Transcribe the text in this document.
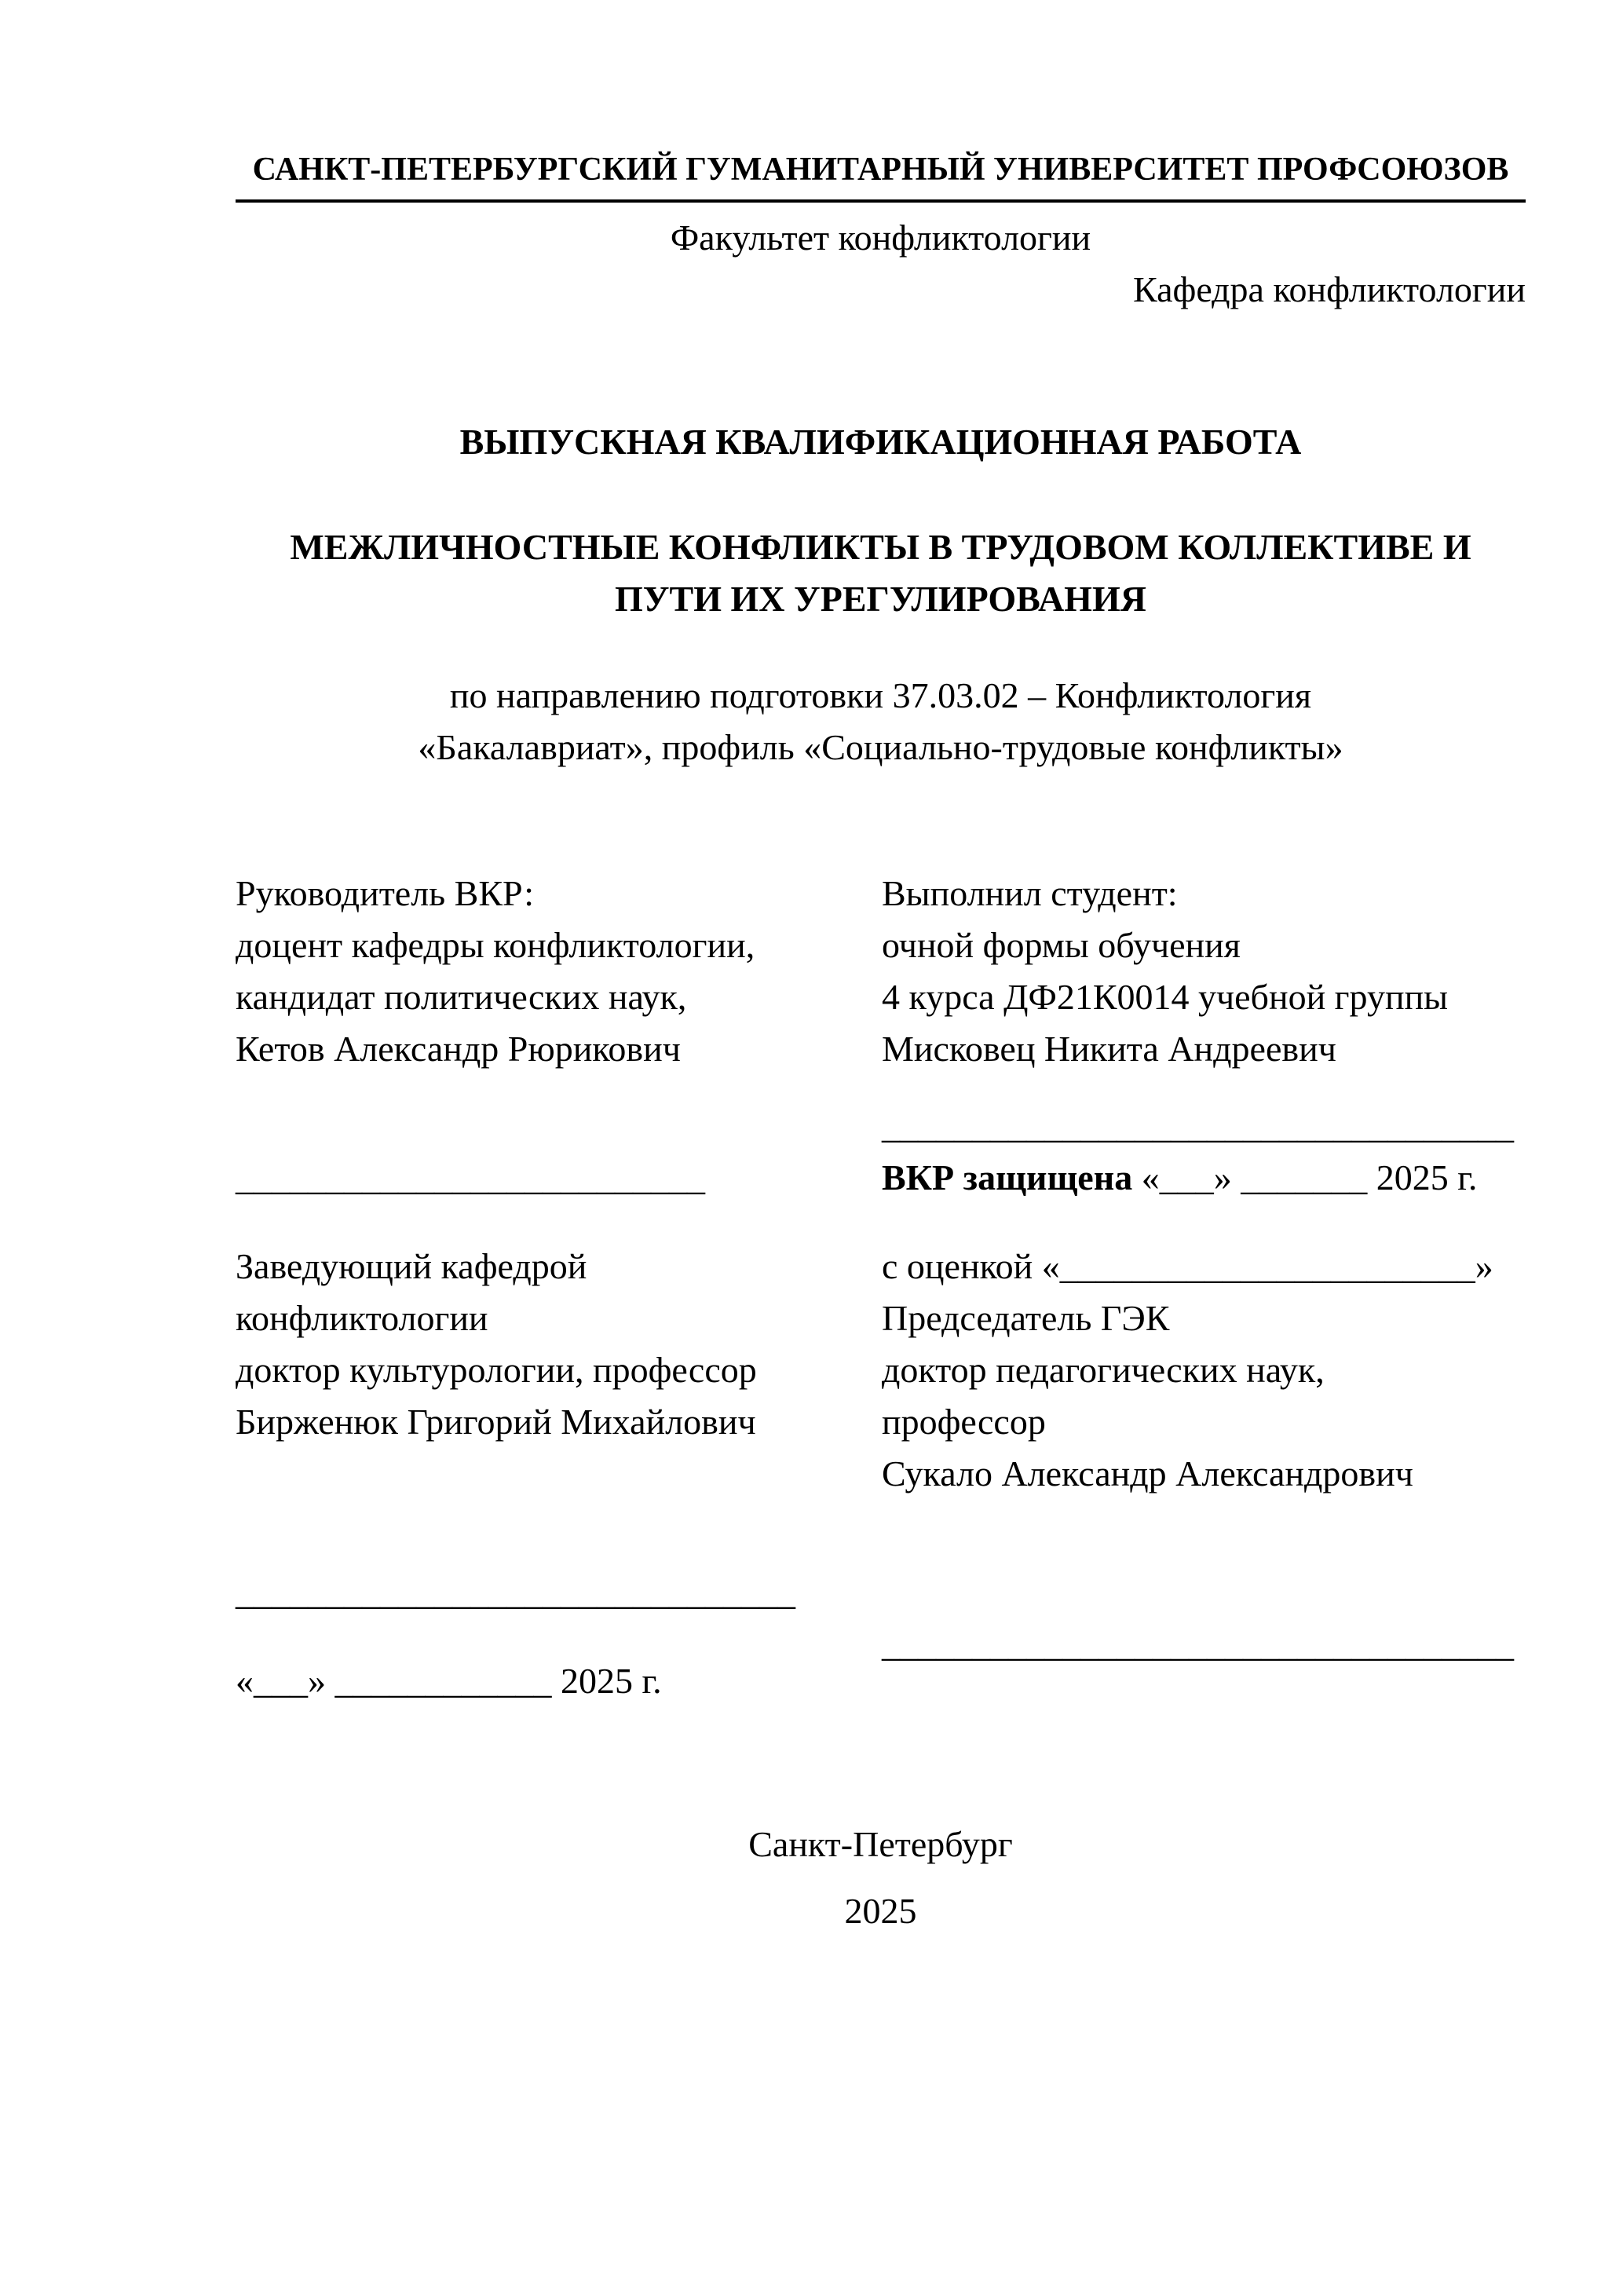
САНКТ-ПЕТЕРБУРГСКИЙ ГУМАНИТАРНЫЙ УНИВЕРСИТЕТ ПРОФСОЮЗОВ
Факультет конфликтологии
Кафедра конфликтологии
ВЫПУСКНАЯ КВАЛИФИКАЦИОННАЯ РАБОТА
МЕЖЛИЧНОСТНЫЕ КОНФЛИКТЫ В ТРУДОВОМ КОЛЛЕКТИВЕ И
ПУТИ ИХ УРЕГУЛИРОВАНИЯ
по направлению подготовки 37.03.02 – Конфликтология
«Бакалавриат», профиль «Социально-трудовые конфликты»
Руководитель ВКР:
доцент кафедры конфликтологии,
кандидат политических наук,
Кетов Александр Рюрикович
__________________________
Заведующий кафедрой
конфликтологии
доктор культурологии, профессор
Бирженюк Григорий Михайлович
_______________________________
«___» ____________ 2025 г.
Выполнил студент:
очной формы обучения
4 курса ДФ21К0014 учебной группы
Мисковец Никита Андреевич
___________________________________
ВКР защищена «___» _______ 2025 г.
с оценкой «_______________________»
Председатель ГЭК
доктор педагогических наук,
профессор
Сукало Александр Александрович
___________________________________
Санкт-Петербург
2025
